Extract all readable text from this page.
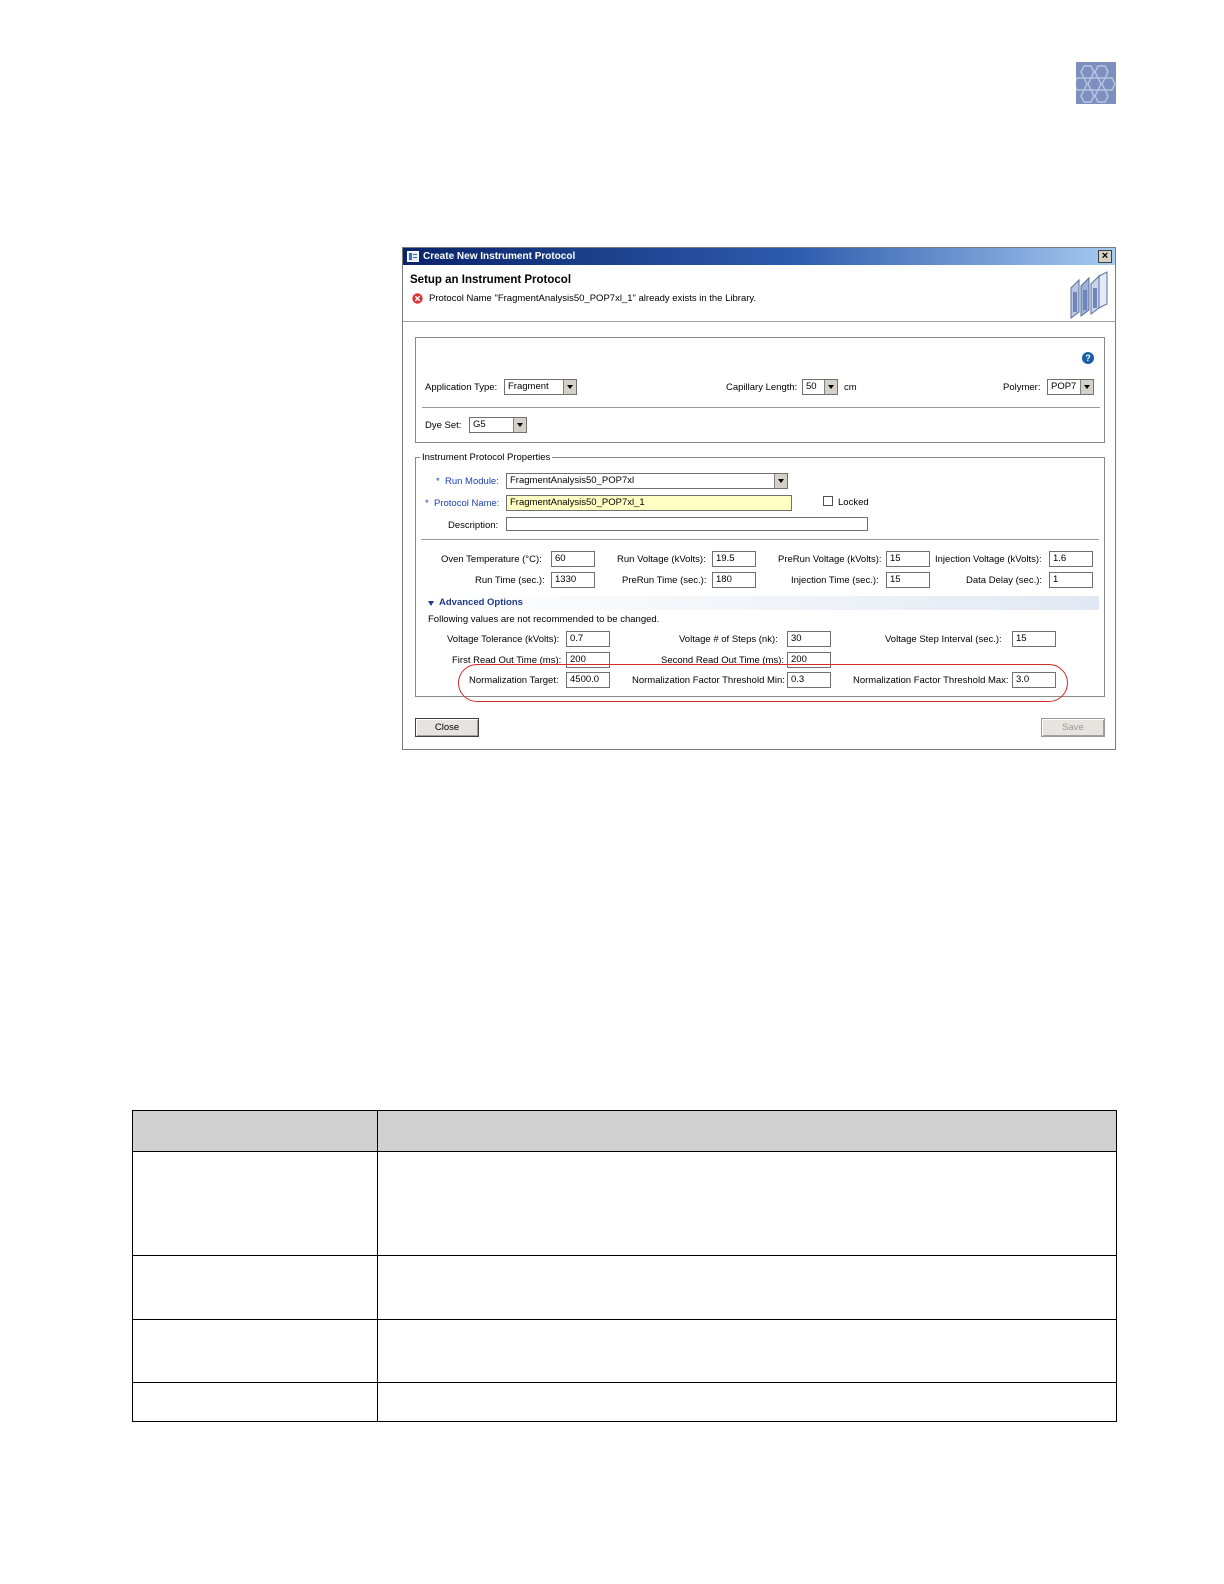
Create New Instrument Protocol	×
Setup an Instrument Protocol
Protocol Name "FragmentAnalysis50_POP7xl_1" already exists in the Library.
?
Application Type:	Fragment	Capillary Length: 50	cm	Polymer:	POP7
Dye Set:	G5
Instrument Protocol Properties
* Run Module:	FragmentAnalysis50_POP7xl
* Protocol Name:	FragmentAnalysis50_POP7xl_1	Locked
Description:
Oven Temperature (°C):	60	Run Voltage (kVolts):	19.5	PreRun Voltage (kVolts): 15	Injection Voltage (kVolts):	1.6
Run Time (sec.):	1330	PreRun Time (sec.):	180	Injection Time (sec.):	15	Data Delay (sec.):	1
Advanced Options
Following values are not recommended to be changed.
Voltage Tolerance (kVolts):	0.7	Voltage # of Steps (nk):	30	Voltage Step Interval (sec.):	15
First Read Out Time (ms): 200	Second Read Out Time (ms): 200
Normalization Target:	4500.0	Normalization Factor Threshold Min: 0.3	Normalization Factor Threshold Max: 3.0
Close	Save
